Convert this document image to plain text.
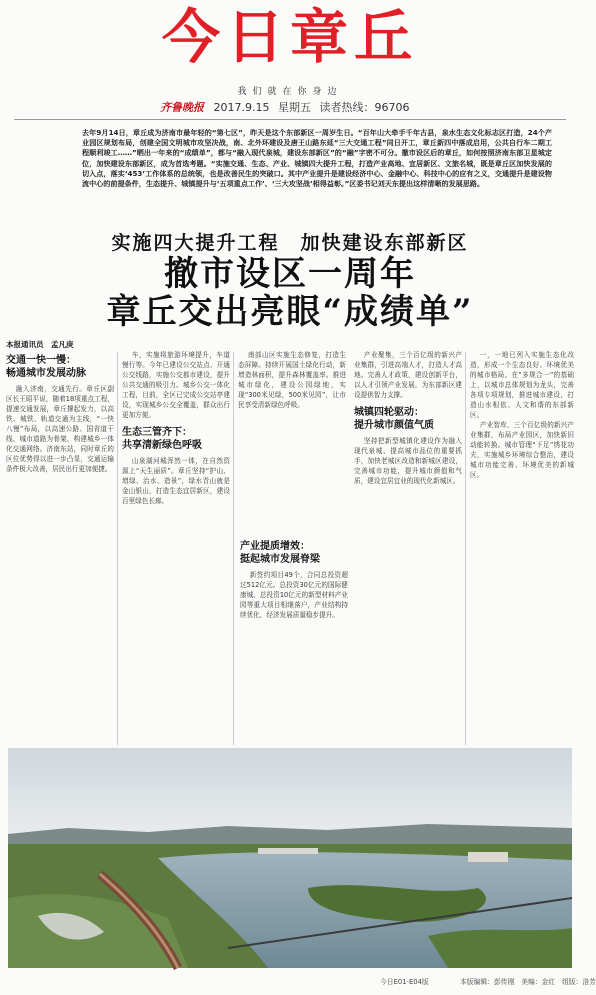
今日章丘
我们就在你身边
齐鲁晚报 2017.9.15 星期五 读者热线：96706
去年9月14日，章丘成为济南市最年轻的“第七区”，昨天是这个东部新区一周岁生日。“百年山大牵手千年古县，泉水生态文化标志区打造，24个产业园区规划布局，创建全国文明城市攻坚决战，南、北外环建设及唐王山路东延“三大交通工程”同日开工，章丘新四中落成启用，公共自行车二期工程顺利竣工……”晒出一年来的“成绩单”，都与“融入现代泉城，建设东部新区”的“融”字密不可分。撤市设区后的章丘，如何按照济南东部卫星城定位，加快建设东部新区，成为首选考题。“实施交通、生态、产业、城镇四大提升工程，打造产业高地、宜居新区、文旅名城，既是章丘区加快发展的切入点，落实‘453’工作体系的总统领，也是改善民生的突破口。其中产业提升是建设经济中心、金融中心、科技中心的应有之义，交通提升是建设物流中心的前提条件，生态提升、城镇提升与‘五项重点工作’、‘三大攻坚战’相得益彰。”区委书记刘天东提出这样清晰的发展思路。
实施四大提升工程　加快建设东部新区
撤市设区一周年
章丘交出亮眼“成绩单”
本报通讯员　孟凡庚
交通一快一慢：
畅通城市发展动脉

融入济南，交通先行。章丘区副区长王昭平说，随着18项重点工程，提速交通发展，章丘撑起发力，以高铁、城铁、轨道交通为主线，“一快八慢”布局，以高速公路、国省道干线、城市道路为骨架，构建城乡一体化交通网络。济南东站，同时章丘的区位优势得以进一步凸显，交通运输条件极大改善，居民出行更加便捷。

车，实施将旅游环境提升，车道慢行等。今年已建设公交站点、开通公交线路，实施公交都市建设，提升公共交通的吸引力。城乡公交一体化工程，目前，全区已完成公交站亭建设，实现城乡公交全覆盖，群众出行更加方便。

生态三管齐下：
共享清新绿色呼吸

山泉湖河城浑然一体，在自然资源上“天生丽质”。章丘坚持“护山、增绿、治水、造景”，绿水青山就是金山银山，打造生态宜居新区，建设百里绿色长廊。

南部山区实施生态修复，打造生态屏障。持续开展国土绿化行动，新增造林面积，提升森林覆盖率。推进城市绿化，建设公园绿地，实现“300米见绿，500米见园”，让市民享受清新绿色呼吸。

产业提质增效：
挺起城市发展脊梁

新签约项目49个，合同总投资超过512亿元。总投资30亿元的国际健康城、总投资10亿元的新型材料产业园等重大项目相继落户，产业结构持续优化，经济发展质量稳步提升。

产业聚集，三个百亿级的新兴产业集群，引进高端人才，打造人才高地。完善人才政策，建设创新平台，以人才引领产业发展，为东部新区建设提供智力支撑。

城镇四轮驱动：
提升城市颜值气质

坚持把新型城镇化建设作为融入现代泉城、提高城市品位的重要抓手，加快老城区改造和新城区建设，完善城市功能，提升城市颜值和气质，建设宜居宜业的现代化新城区。

一，一地已列入实施生态化改造，形成一个生态良好、环境优美的城市格局。在“多规合一”的基础上，以城市总体规划为龙头，完善各项专项规划，推进城市建设，打造山水相依、人文和谐的东部新区。

产业智库，三个百亿级的新兴产业集群，布局产业园区，加快新旧动能转换。城市管理“下足”绣花功夫，实施城乡环境综合整治，建设城市功能完善、环境优美的新城区。

今日E01-E04版	本版编辑：彭传刚　美编：金红　组版：洛芳
